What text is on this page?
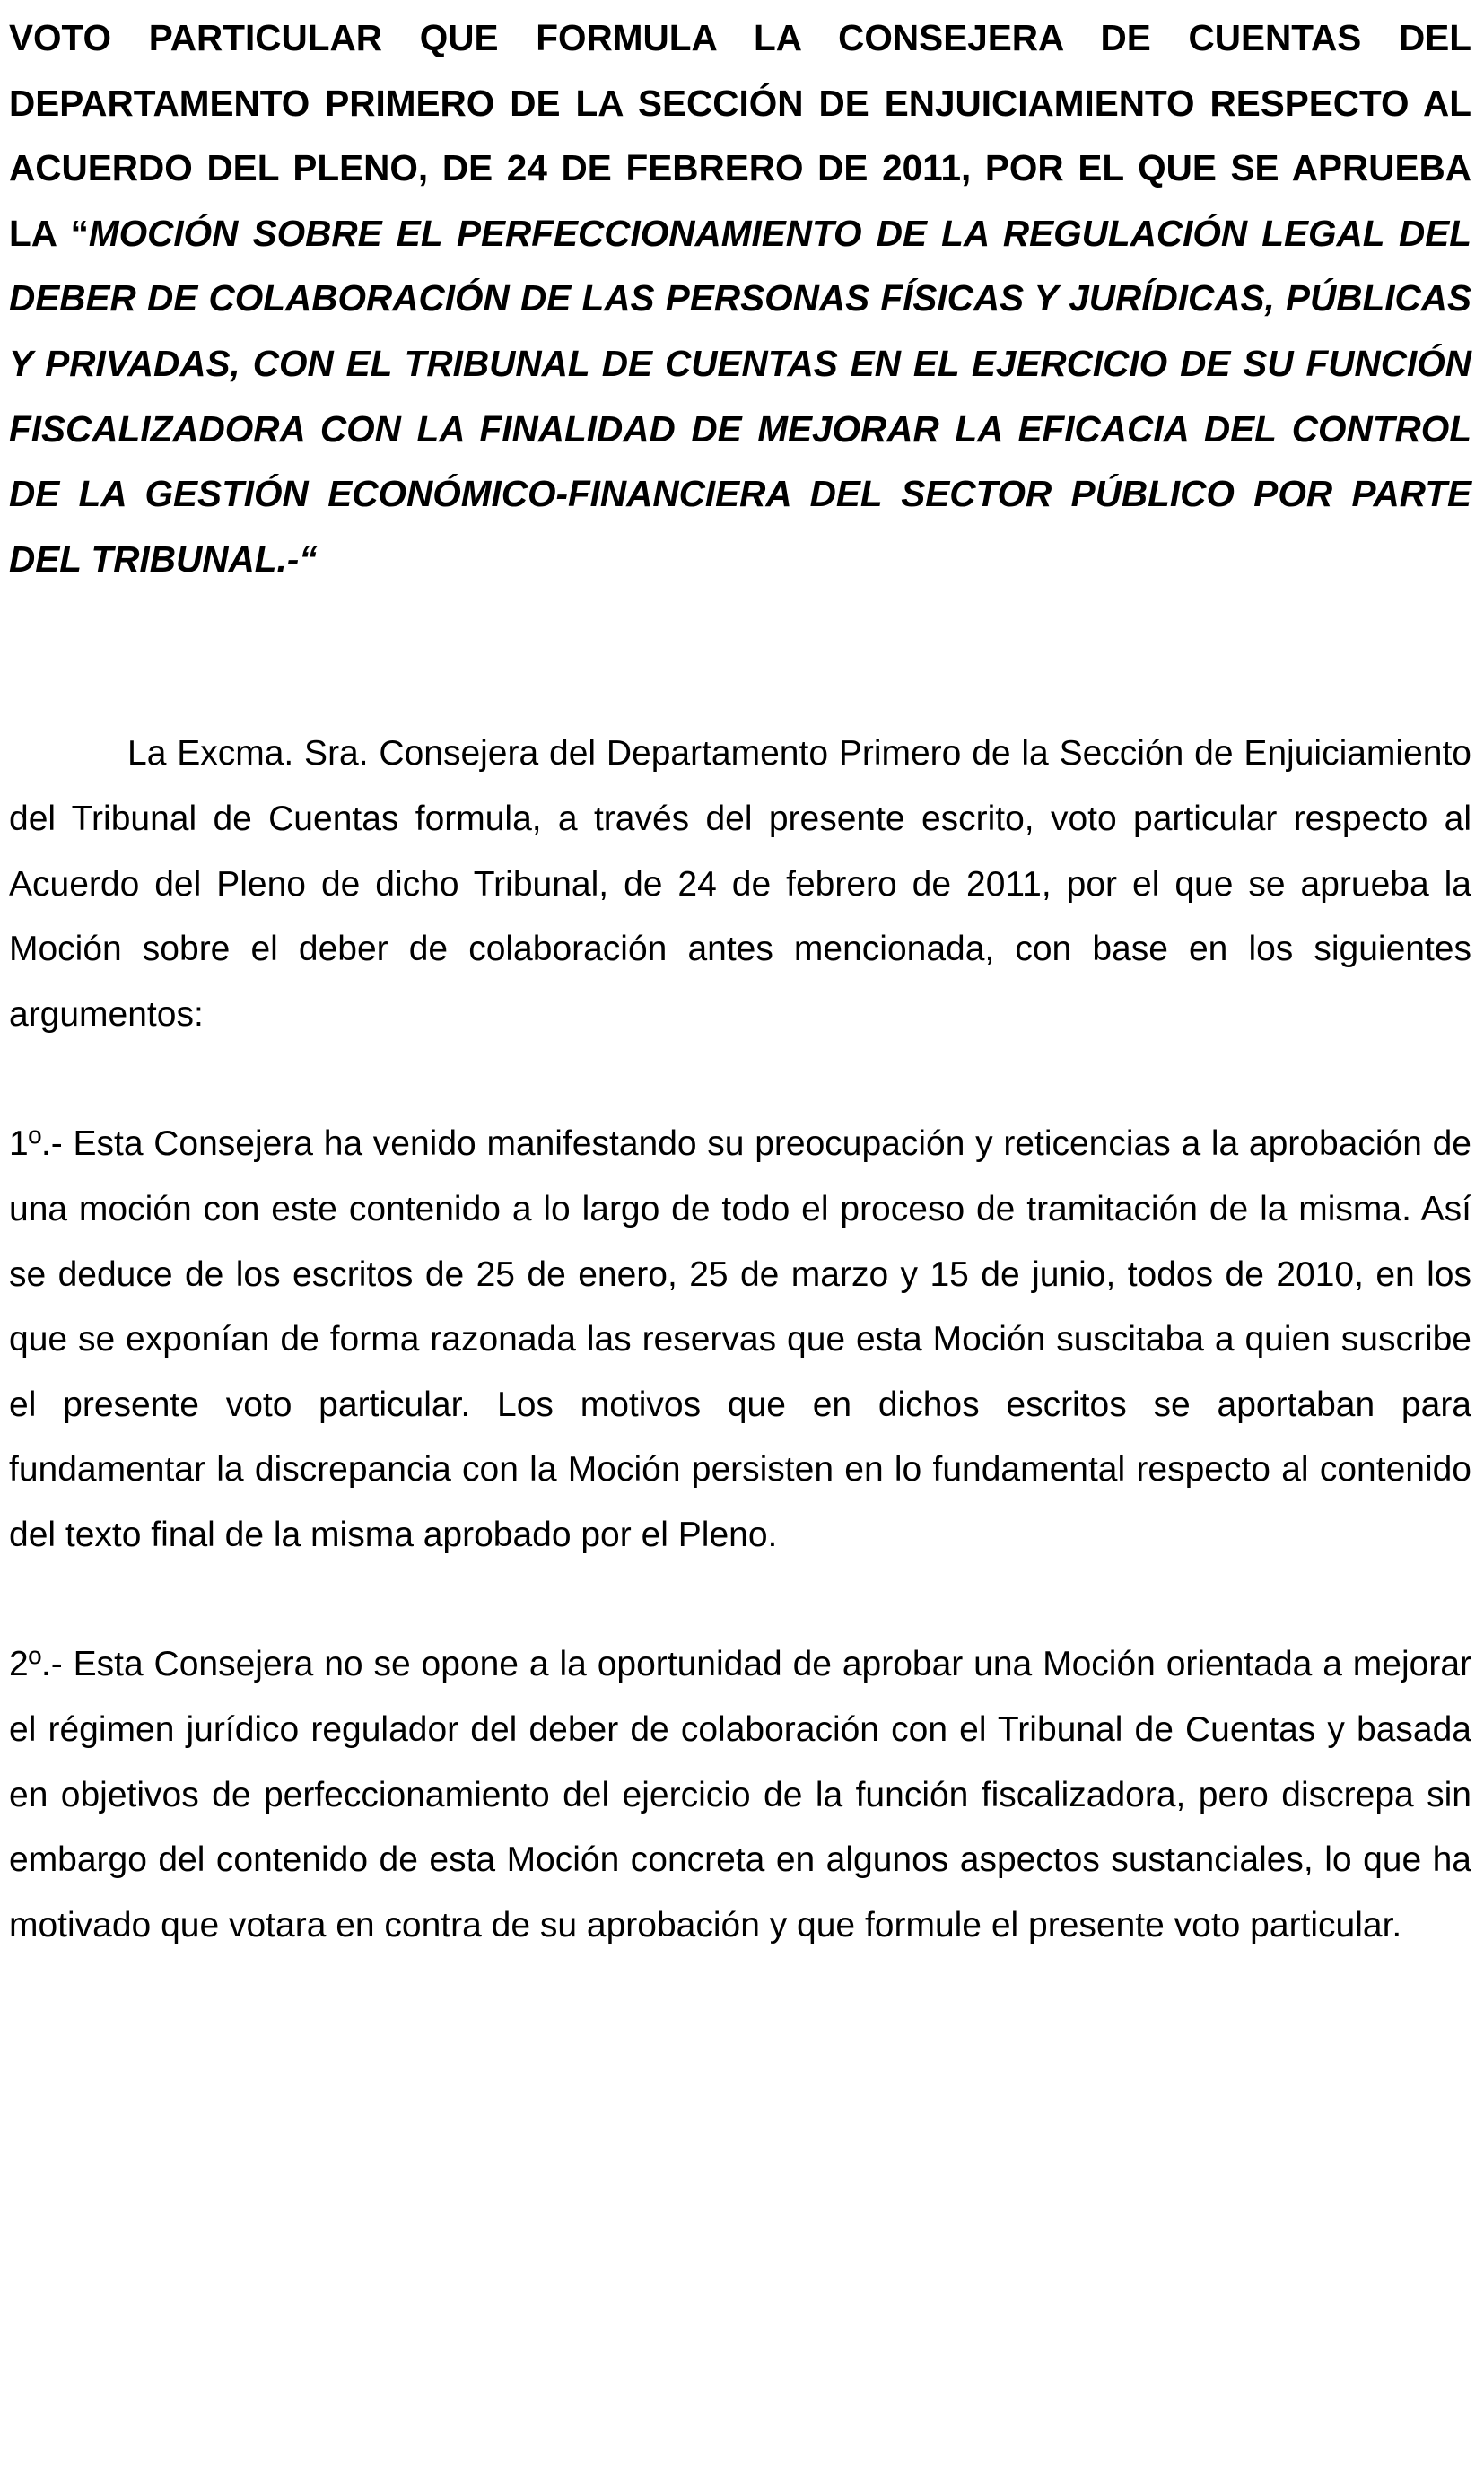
VOTO PARTICULAR QUE FORMULA LA CONSEJERA DE CUENTAS DEL DEPARTAMENTO PRIMERO DE LA SECCIÓN DE ENJUICIAMIENTO RESPECTO AL ACUERDO DEL PLENO, DE 24 DE FEBRERO DE 2011, POR EL QUE SE APRUEBA LA “MOCIÓN SOBRE EL PERFECCIONAMIENTO DE LA REGULACIÓN LEGAL DEL DEBER DE COLABORACIÓN DE LAS PERSONAS FÍSICAS Y JURÍDICAS, PÚBLICAS Y PRIVADAS, CON EL TRIBUNAL DE CUENTAS EN EL EJERCICIO DE SU FUNCIÓN FISCALIZADORA CON LA FINALIDAD DE MEJORAR LA EFICACIA DEL CONTROL DE LA GESTIÓN ECONÓMICO-FINANCIERA DEL SECTOR PÚBLICO POR PARTE DEL TRIBUNAL.-“

La Excma. Sra. Consejera del Departamento Primero de la Sección de Enjuiciamiento del Tribunal de Cuentas formula, a través del presente escrito, voto particular respecto al Acuerdo del Pleno de dicho Tribunal, de 24 de febrero de 2011, por el que se aprueba la Moción sobre el deber de colaboración antes mencionada, con base en los siguientes argumentos:

1º.- Esta Consejera ha venido manifestando su preocupación y reticencias a la aprobación de una moción con este contenido a lo largo de todo el proceso de tramitación de la misma. Así se deduce de los escritos de 25 de enero, 25 de marzo y 15 de junio, todos de 2010, en los que se exponían de forma razonada las reservas que esta Moción suscitaba a quien suscribe el presente voto particular. Los motivos que en dichos escritos se aportaban para fundamentar la discrepancia con la Moción persisten en lo fundamental respecto al contenido del texto final de la misma aprobado por el Pleno.

2º.- Esta Consejera no se opone a la oportunidad de aprobar una Moción orientada a mejorar el régimen jurídico regulador del deber de colaboración con el Tribunal de Cuentas y basada en objetivos de perfeccionamiento del ejercicio de la función fiscalizadora, pero discrepa sin embargo del contenido de esta Moción concreta en algunos aspectos sustanciales, lo que ha motivado que votara en contra de su aprobación y que formule el presente voto particular.
